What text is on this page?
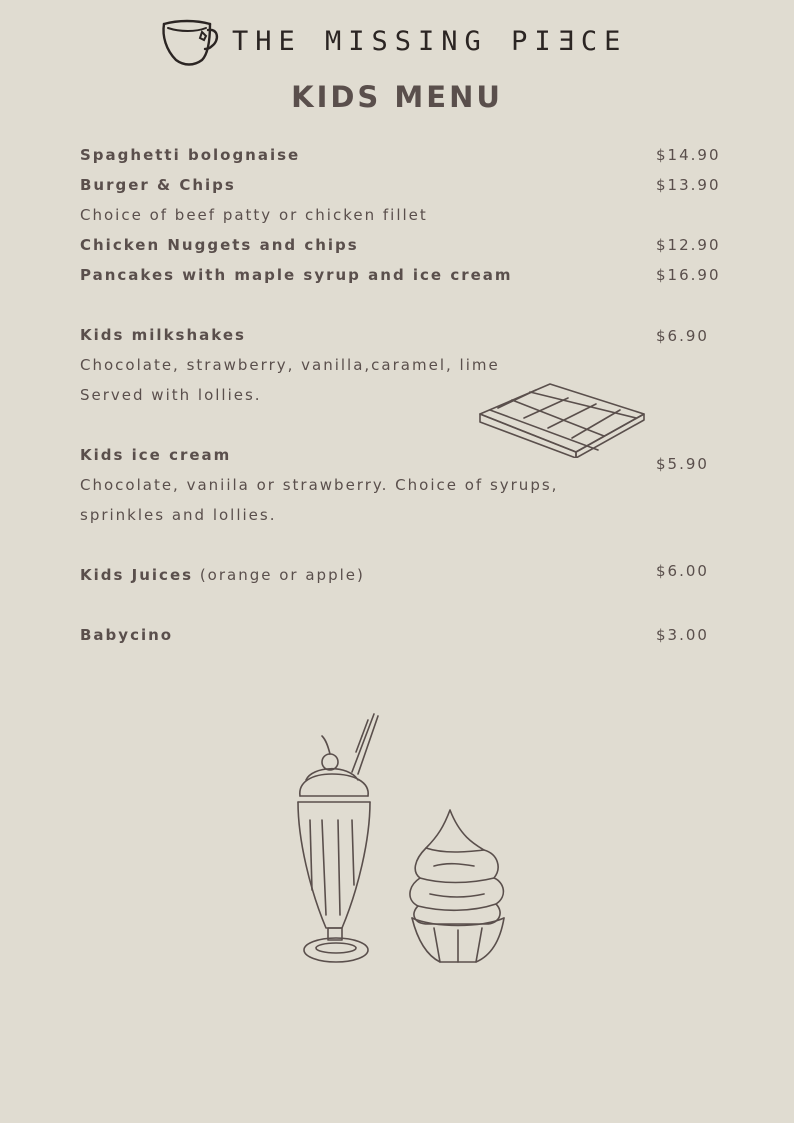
THE MISSING PIƎCE
KIDS MENU
Spaghetti bolognaise	$14.90
Burger & Chips	$13.90
Choice of beef patty or chicken fillet
Chicken Nuggets and chips	$12.90
Pancakes with maple syrup and ice cream	$16.90
Kids milkshakes	$6.90
Chocolate, strawberry, vanilla,caramel, lime
Served with lollies.
Kids ice cream	$5.90
Chocolate, vaniila or strawberry. Choice of syrups,
sprinkles and lollies.
Kids Juices (orange or apple)	$6.00
Babycino	$3.00
